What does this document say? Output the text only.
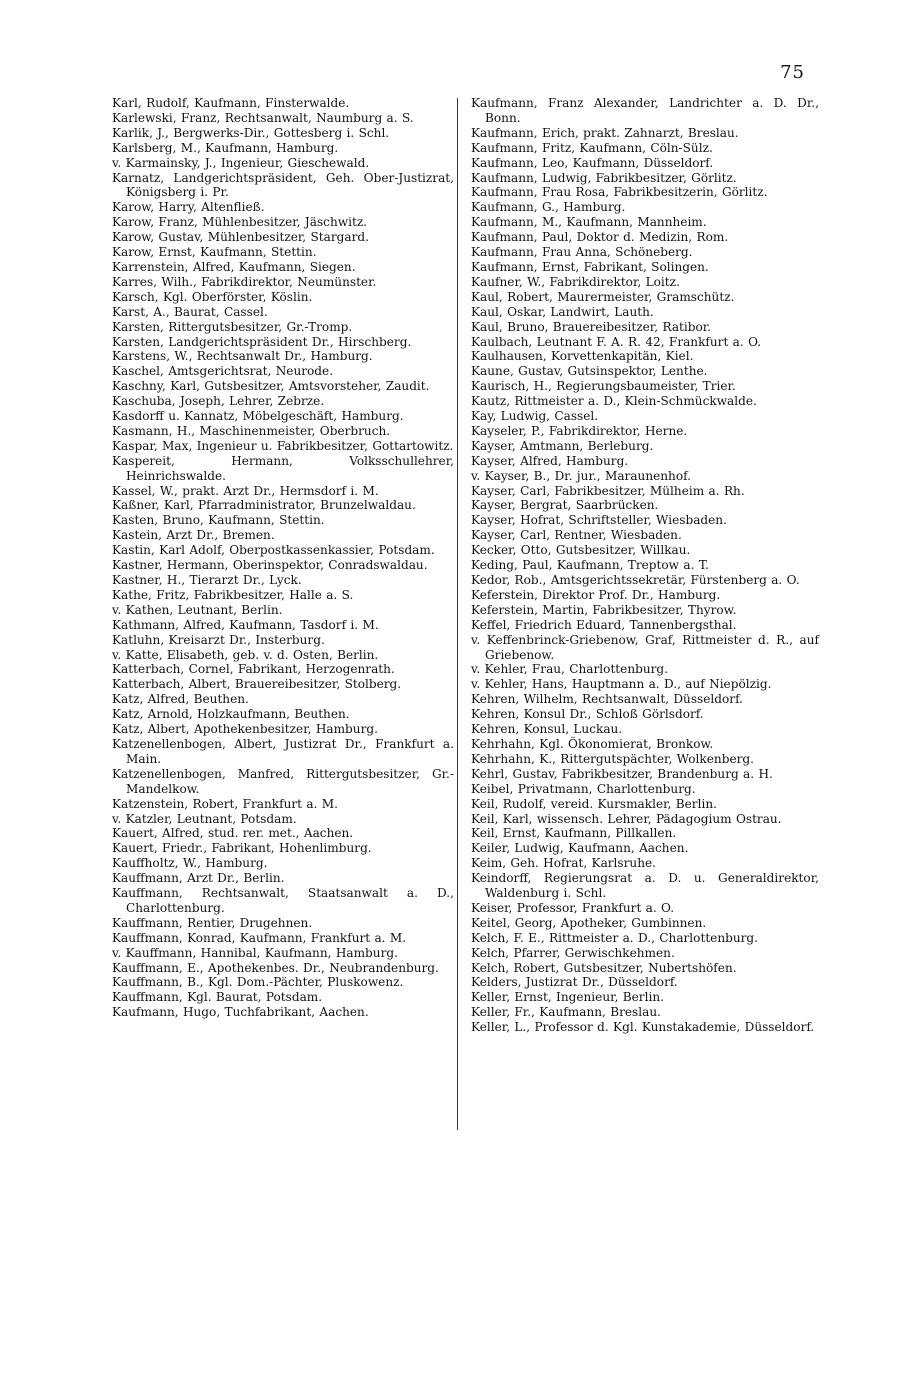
75
Karl, Rudolf, Kaufmann, Finsterwalde.
Karlewski, Franz, Rechtsanwalt, Naumburg a. S.
Karlik, J., Bergwerks-Dir., Gottesberg i. Schl.
Karlsberg, M., Kaufmann, Hamburg.
v. Karmainsky, J., Ingenieur, Gieschewald.
Karnatz, Landgerichtspräsident, Geh. Ober-Justizrat, Königsberg i. Pr.
Karow, Harry, Altenfließ.
Karow, Franz, Mühlenbesitzer, Jäschwitz.
Karow, Gustav, Mühlenbesitzer, Stargard.
Karow, Ernst, Kaufmann, Stettin.
Karrenstein, Alfred, Kaufmann, Siegen.
Karres, Wilh., Fabrikdirektor, Neumünster.
Karsch, Kgl. Oberförster, Köslin.
Karst, A., Baurat, Cassel.
Karsten, Rittergutsbesitzer, Gr.-Tromp.
Karsten, Landgerichtspräsident Dr., Hirschberg.
Karstens, W., Rechtsanwalt Dr., Hamburg.
Kaschel, Amtsgerichtsrat, Neurode.
Kaschny, Karl, Gutsbesitzer, Amtsvorsteher, Zaudit.
Kaschuba, Joseph, Lehrer, Zebrze.
Kasdorff u. Kannatz, Möbelgeschäft, Hamburg.
Kasmann, H., Maschinenmeister, Oberbruch.
Kaspar, Max, Ingenieur u. Fabrikbesitzer, Gottartowitz.
Kaspereit, Hermann, Volksschullehrer, Heinrichswalde.
Kassel, W., prakt. Arzt Dr., Hermsdorf i. M.
Kaßner, Karl, Pfarradministrator, Brunzelwaldau.
Kasten, Bruno, Kaufmann, Stettin.
Kastein, Arzt Dr., Bremen.
Kastin, Karl Adolf, Oberpostkassenkassier, Potsdam.
Kastner, Hermann, Oberinspektor, Conradswaldau.
Kastner, H., Tierarzt Dr., Lyck.
Kathe, Fritz, Fabrikbesitzer, Halle a. S.
v. Kathen, Leutnant, Berlin.
Kathmann, Alfred, Kaufmann, Tasdorf i. M.
Katluhn, Kreisarzt Dr., Insterburg.
v. Katte, Elisabeth, geb. v. d. Osten, Berlin.
Katterbach, Cornel, Fabrikant, Herzogenrath.
Katterbach, Albert, Brauereibesitzer, Stolberg.
Katz, Alfred, Beuthen.
Katz, Arnold, Holzkaufmann, Beuthen.
Katz, Albert, Apothekenbesitzer, Hamburg.
Katzenellenbogen, Albert, Justizrat Dr., Frankfurt a. Main.
Katzenellenbogen, Manfred, Rittergutsbesitzer, Gr.-Mandelkow.
Katzenstein, Robert, Frankfurt a. M.
v. Katzler, Leutnant, Potsdam.
Kauert, Alfred, stud. rer. met., Aachen.
Kauert, Friedr., Fabrikant, Hohenlimburg.
Kauffholtz, W., Hamburg.
Kauffmann, Arzt Dr., Berlin.
Kauffmann, Rechtsanwalt, Staatsanwalt a. D., Charlottenburg.
Kauffmann, Rentier, Drugehnen.
Kauffmann, Konrad, Kaufmann, Frankfurt a. M.
v. Kauffmann, Hannibal, Kaufmann, Hamburg.
Kauffmann, E., Apothekenbes. Dr., Neubrandenburg.
Kauffmann, B., Kgl. Dom.-Pächter, Pluskowenz.
Kauffmann, Kgl. Baurat, Potsdam.
Kaufmann, Hugo, Tuchfabrikant, Aachen.
Kaufmann, Franz Alexander, Landrichter a. D. Dr., Bonn.
Kaufmann, Erich, prakt. Zahnarzt, Breslau.
Kaufmann, Fritz, Kaufmann, Cöln-Sülz.
Kaufmann, Leo, Kaufmann, Düsseldorf.
Kaufmann, Ludwig, Fabrikbesitzer, Görlitz.
Kaufmann, Frau Rosa, Fabrikbesitzerin, Görlitz.
Kaufmann, G., Hamburg.
Kaufmann, M., Kaufmann, Mannheim.
Kaufmann, Paul, Doktor d. Medizin, Rom.
Kaufmann, Frau Anna, Schöneberg.
Kaufmann, Ernst, Fabrikant, Solingen.
Kaufner, W., Fabrikdirektor, Loitz.
Kaul, Robert, Maurermeister, Gramschütz.
Kaul, Oskar, Landwirt, Lauth.
Kaul, Bruno, Brauereibesitzer, Ratibor.
Kaulbach, Leutnant F. A. R. 42, Frankfurt a. O.
Kaulhausen, Korvettenkapitän, Kiel.
Kaune, Gustav, Gutsinspektor, Lenthe.
Kaurisch, H., Regierungsbaumeister, Trier.
Kautz, Rittmeister a. D., Klein-Schmückwalde.
Kay, Ludwig, Cassel.
Kayseler, P., Fabrikdirektor, Herne.
Kayser, Amtmann, Berleburg.
Kayser, Alfred, Hamburg.
v. Kayser, B., Dr. jur., Maraunenhof.
Kayser, Carl, Fabrikbesitzer, Mülheim a. Rh.
Kayser, Bergrat, Saarbrücken.
Kayser, Hofrat, Schriftsteller, Wiesbaden.
Kayser, Carl, Rentner, Wiesbaden.
Kecker, Otto, Gutsbesitzer, Willkau.
Keding, Paul, Kaufmann, Treptow a. T.
Kedor, Rob., Amtsgerichtssekretär, Fürstenberg a. O.
Keferstein, Direktor Prof. Dr., Hamburg.
Keferstein, Martin, Fabrikbesitzer, Thyrow.
Keffel, Friedrich Eduard, Tannenbergsthal.
v. Keffenbrinck-Griebenow, Graf, Rittmeister d. R., auf Griebenow.
v. Kehler, Frau, Charlottenburg.
v. Kehler, Hans, Hauptmann a. D., auf Niepölzig.
Kehren, Wilhelm, Rechtsanwalt, Düsseldorf.
Kehren, Konsul Dr., Schloß Görlsdorf.
Kehren, Konsul, Luckau.
Kehrhahn, Kgl. Ökonomierat, Bronkow.
Kehrhahn, K., Rittergutspächter, Wolkenberg.
Kehrl, Gustav, Fabrikbesitzer, Brandenburg a. H.
Keibel, Privatmann, Charlottenburg.
Keil, Rudolf, vereid. Kursmakler, Berlin.
Keil, Karl, wissensch. Lehrer, Pädagogium Ostrau.
Keil, Ernst, Kaufmann, Pillkallen.
Keiler, Ludwig, Kaufmann, Aachen.
Keim, Geh. Hofrat, Karlsruhe.
Keindorff, Regierungsrat a. D. u. Generaldirektor, Waldenburg i. Schl.
Keiser, Professor, Frankfurt a. O.
Keitel, Georg, Apotheker, Gumbinnen.
Kelch, F. E., Rittmeister a. D., Charlottenburg.
Kelch, Pfarrer, Gerwischkehmen.
Kelch, Robert, Gutsbesitzer, Nubertshöfen.
Kelders, Justizrat Dr., Düsseldorf.
Keller, Ernst, Ingenieur, Berlin.
Keller, Fr., Kaufmann, Breslau.
Keller, L., Professor d. Kgl. Kunstakademie, Düsseldorf.
